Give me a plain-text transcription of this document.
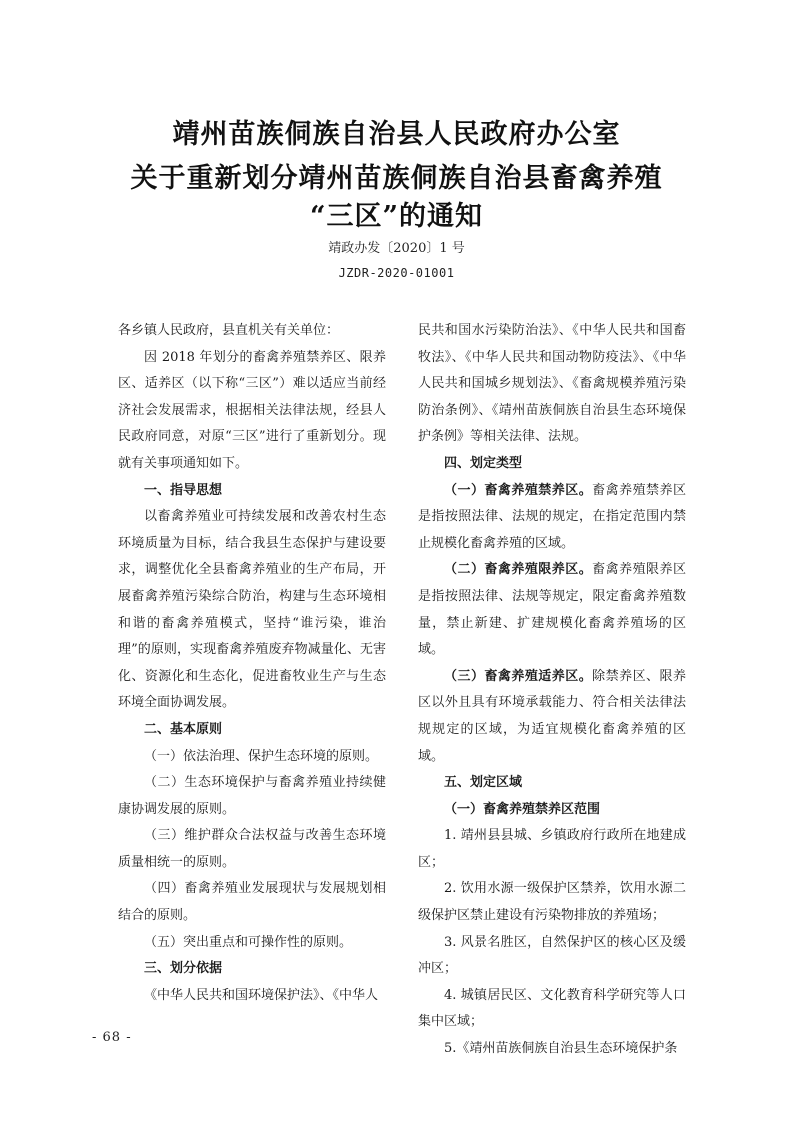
靖州苗族侗族自治县人民政府办公室
关于重新划分靖州苗族侗族自治县畜禽养殖
“三区”的通知
靖政办发〔2020〕1 号
JZDR-2020-01001

各乡镇人民政府，县直机关有关单位：

因 2018 年划分的畜禽养殖禁养区、限养区、适养区（以下称“三区”）难以适应当前经济社会发展需求，根据相关法律法规，经县人民政府同意，对原“三区”进行了重新划分。现就有关事项通知如下。

一、指导思想

以畜禽养殖业可持续发展和改善农村生态环境质量为目标，结合我县生态保护与建设要求，调整优化全县畜禽养殖业的生产布局，开展畜禽养殖污染综合防治，构建与生态环境相和谐的畜禽养殖模式，坚持“谁污染，谁治理”的原则，实现畜禽养殖废弃物减量化、无害化、资源化和生态化，促进畜牧业生产与生态环境全面协调发展。

二、基本原则

（一）依法治理、保护生态环境的原则。

（二）生态环境保护与畜禽养殖业持续健康协调发展的原则。

（三）维护群众合法权益与改善生态环境质量相统一的原则。

（四）畜禽养殖业发展现状与发展规划相结合的原则。

（五）突出重点和可操作性的原则。

三、划分依据

《中华人民共和国环境保护法》、《中华人

民共和国水污染防治法》、《中华人民共和国畜牧法》、《中华人民共和国动物防疫法》、《中华人民共和国城乡规划法》、《畜禽规模养殖污染防治条例》、《靖州苗族侗族自治县生态环境保护条例》等相关法律、法规。

四、划定类型

（一）畜禽养殖禁养区。畜禽养殖禁养区是指按照法律、法规的规定，在指定范围内禁止规模化畜禽养殖的区域。

（二）畜禽养殖限养区。畜禽养殖限养区是指按照法律、法规等规定，限定畜禽养殖数量，禁止新建、扩建规模化畜禽养殖场的区域。

（三）畜禽养殖适养区。除禁养区、限养区以外且具有环境承载能力、符合相关法律法规规定的区域，为适宜规模化畜禽养殖的区域。

五、划定区域

（一）畜禽养殖禁养区范围

1. 靖州县县城、乡镇政府行政所在地建成区；

2. 饮用水源一级保护区禁养，饮用水源二级保护区禁止建设有污染物排放的养殖场；

3. 风景名胜区，自然保护区的核心区及缓冲区；

4. 城镇居民区、文化教育科学研究等人口集中区域；

5.《靖州苗族侗族自治县生态环境保护条

- 68 -
